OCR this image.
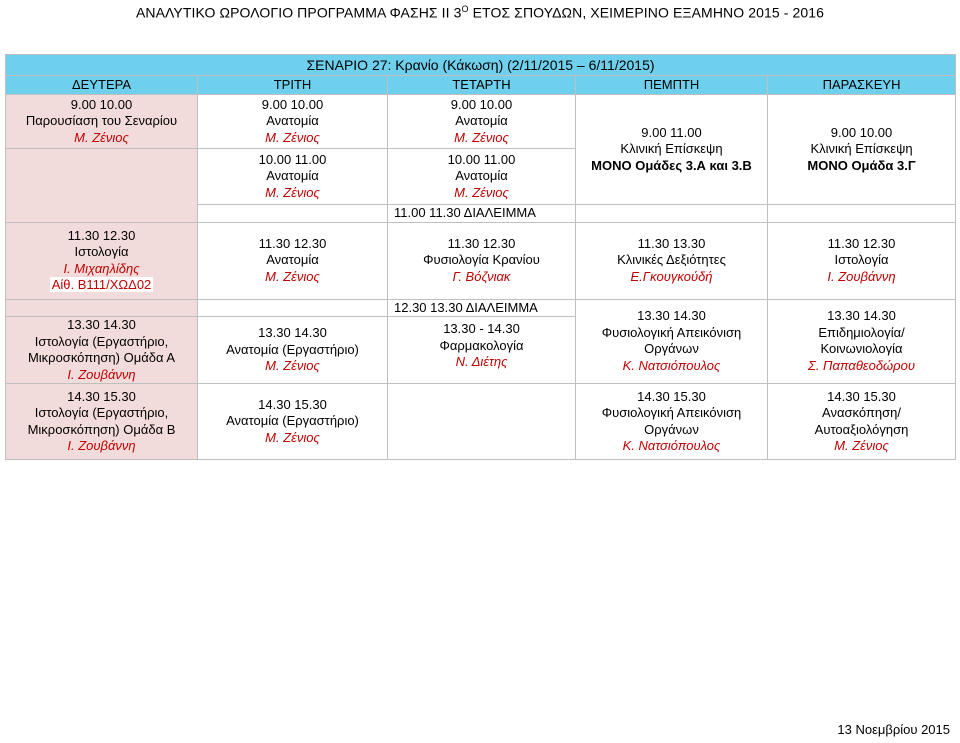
ΑΝΑΛΥΤΙΚΟ ΩΡΟΛΟΓΙΟ ΠΡΟΓΡΑΜΜΑ ΦΑΣΗΣ ΙΙ $3^O$ ΕΤΟΣ ΣΠΟΥΔΩΝ, ΧΕΙΜΕΡΙΝΟ ΕΞΑΜΗΝΟ 2015 - 2016
ΣΕΝΑΡΙΟ 27: Κρανίο (Κάκωση) (2/11/2015 – 6/11/2015)				
ΔΕΥΤΕΡΑ	ΤΡΙΤΗ	ΤΕΤΑΡΤΗ	ΠΕΜΠΤΗ	ΠΑΡΑΣΚΕΥΗ

9.00 10.00
Παρουσίαση του Σεναρίου
Μ. Ζένιος	9.00 10.00
Ανατομία
Μ. Ζένιος	9.00 10.00
Ανατομία
Μ. Ζένιος	9.00 11.00
Κλινική Επίσκεψη
ΜΟΝΟ Ομάδες 3.Α και 3.Β	9.00 10.00
Κλινική Επίσκεψη
ΜΟΝΟ Ομάδα 3.Γ

	10.00 11.00
Ανατομία
Μ. Ζένιος	10.00 11.00
Ανατομία
Μ. Ζένιος		

		11.00 11.30 ΔΙΑΛΕΙΜΜΑ		

11.30 12.30
Ιστολογία
Ι. Μιχαηλίδης
Αίθ. Β111/ΧΩΔ02	11.30 12.30
Ανατομία
Μ. Ζένιος	11.30 12.30
Φυσιολογία Κρανίου
Γ. Βόζνιακ	11.30 13.30
Κλινικές Δεξιότητες
Ε.Γκουγκούδή	11.30 12.30
Ιστολογία
Ι. Ζουβάννη

		12.30 13.30 ΔΙΑΛΕΙΜΜΑ	13.30 14.30
Φυσιολογική Απεικόνιση
Οργάνων
Κ. Νατσιόπουλος	13.30 14.30
Επιδημιολογία/
Κοινωνιολογία
Σ. Παπαθεοδώρου

13.30 14.30
Ιστολογία (Εργαστήριο,
Μικροσκόπηση) Ομάδα Α
Ι. Ζουβάννη	13.30 14.30
Ανατομία (Εργαστήριο)
Μ. Ζένιος	13.30 - 14.30
Φαρμακολογία
Ν. Διέτης		

14.30 15.30
Ιστολογία (Εργαστήριο,
Μικροσκόπηση) Ομάδα Β
Ι. Ζουβάννη	14.30 15.30
Ανατομία (Εργαστήριο)
Μ. Ζένιος		14.30 15.30
Φυσιολογική Απεικόνιση
Οργάνων
Κ. Νατσιόπουλος	14.30 15.30
Ανασκόπηση/
Αυτοαξιολόγηση
Μ. Ζένιος
13 Νοεμβρίου 2015
